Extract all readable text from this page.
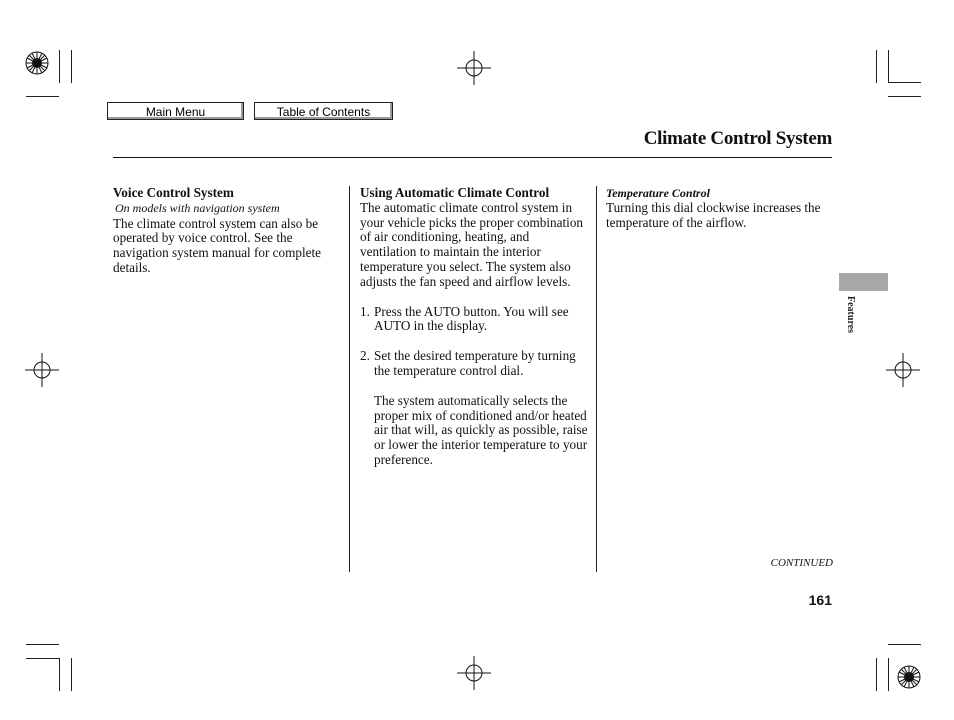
Main Menu	Table of Contents
Climate Control System
Voice Control System
On models with navigation system

The climate control system can also be operated by voice control. See the navigation system manual for complete details.

Using Automatic Climate Control

The automatic climate control system in your vehicle picks the proper combination of air conditioning, heating, and ventilation to maintain the interior temperature you select. The system also adjusts the fan speed and airflow levels.

1. Press the AUTO button. You will see AUTO in the display.
2. Set the desired temperature by turning the temperature control dial.

The system automatically selects the proper mix of conditioned and/or heated air that will, as quickly as possible, raise or lower the interior temperature to your preference.

Temperature Control

Turning this dial clockwise increases the temperature of the airflow.

Features
CONTINUED
161
